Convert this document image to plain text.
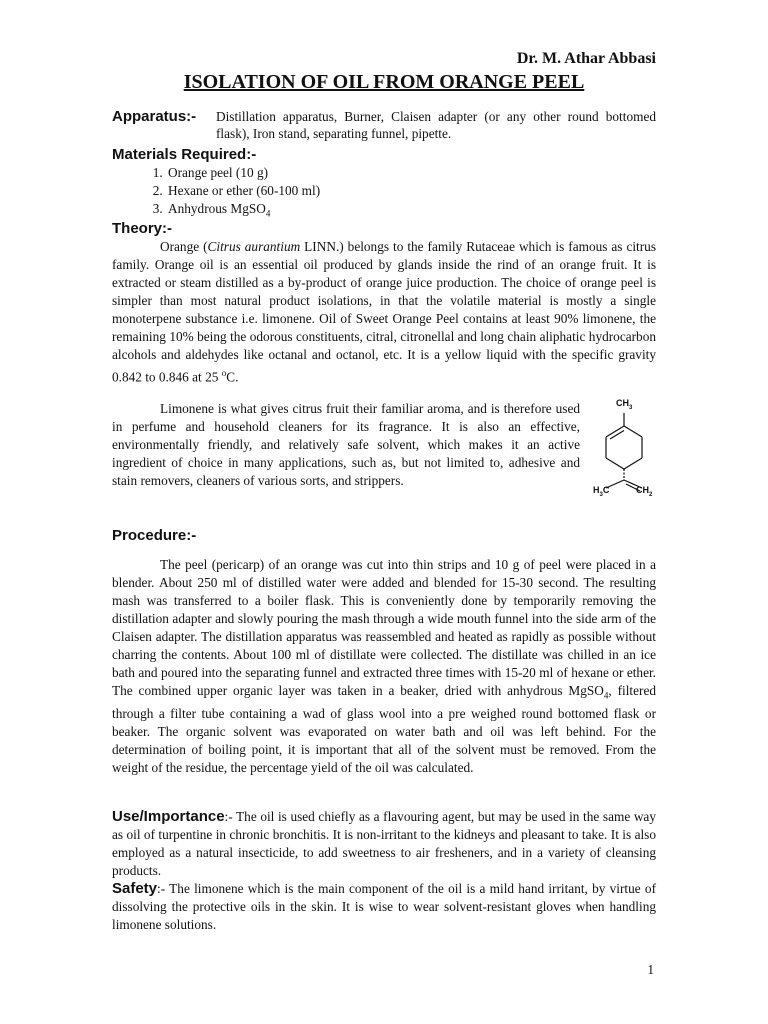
Dr. M. Athar Abbasi
ISOLATION OF OIL FROM ORANGE PEEL
Apparatus:- Distillation apparatus, Burner, Claisen adapter (or any other round bottomed flask), Iron stand, separating funnel, pipette.
Materials Required:-
1. Orange peel (10 g)
2. Hexane or ether (60-100 ml)
3. Anhydrous MgSO$_4$
Theory:-
Orange (Citrus aurantium LINN.) belongs to the family Rutaceae which is famous as citrus family. Orange oil is an essential oil produced by glands inside the rind of an orange fruit. It is extracted or steam distilled as a by-product of orange juice production. The choice of orange peel is simpler than most natural product isolations, in that the volatile material is mostly a single monoterpene substance i.e. limonene. Oil of Sweet Orange Peel contains at least 90% limonene, the remaining 10% being the odorous constituents, citral, citronellal and long chain aliphatic hydrocarbon alcohols and aldehydes like octanal and octanol, etc. It is a yellow liquid with the specific gravity 0.842 to 0.846 at 25 $^o$C.
Limonene is what gives citrus fruit their familiar aroma, and is therefore used in perfume and household cleaners for its fragrance. It is also an effective, environmentally friendly, and relatively safe solvent, which makes it an active ingredient of choice in many applications, such as, but not limited to, adhesive and stain removers, cleaners of various sorts, and strippers.
$CH_3$
$H_3C$	$CH_2$
Procedure:-
The peel (pericarp) of an orange was cut into thin strips and 10 g of peel were placed in a blender. About 250 ml of distilled water were added and blended for 15-30 second. The resulting mash was transferred to a boiler flask. This is conveniently done by temporarily removing the distillation adapter and slowly pouring the mash through a wide mouth funnel into the side arm of the Claisen adapter. The distillation apparatus was reassembled and heated as rapidly as possible without charring the contents. About 100 ml of distillate were collected. The distillate was chilled in an ice bath and poured into the separating funnel and extracted three times with 15-20 ml of hexane or ether. The combined upper organic layer was taken in a beaker, dried with anhydrous MgSO$_4$, filtered through a filter tube containing a wad of glass wool into a pre weighed round bottomed flask or beaker. The organic solvent was evaporated on water bath and oil was left behind. For the determination of boiling point, it is important that all of the solvent must be removed. From the weight of the residue, the percentage yield of the oil was calculated.
Use/Importance:- The oil is used chiefly as a flavouring agent, but may be used in the same way as oil of turpentine in chronic bronchitis. It is non-irritant to the kidneys and pleasant to take. It is also employed as a natural insecticide, to add sweetness to air fresheners, and in a variety of cleansing products.
Safety:- The limonene which is the main component of the oil is a mild hand irritant, by virtue of dissolving the protective oils in the skin. It is wise to wear solvent-resistant gloves when handling limonene solutions.
1
